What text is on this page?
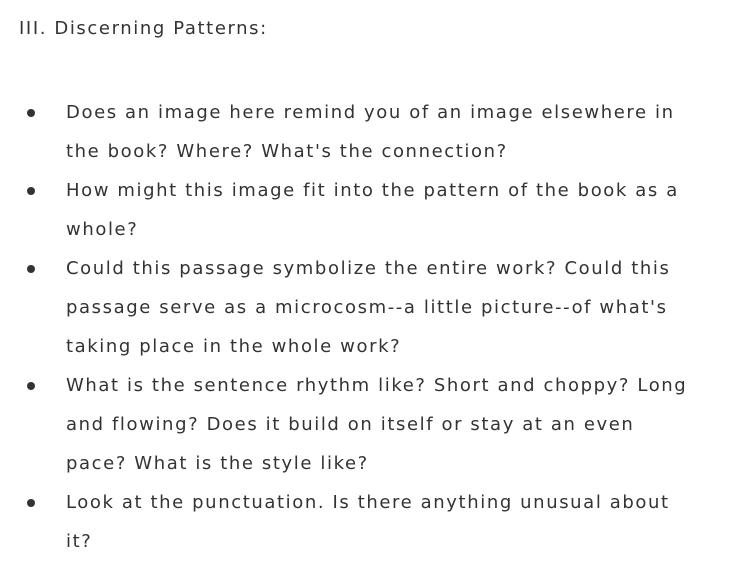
III. Discerning Patterns:
Does an image here remind you of an image elsewhere in
the book? Where? What's the connection?
How might this image fit into the pattern of the book as a
whole?
Could this passage symbolize the entire work? Could this
passage serve as a microcosm--a little picture--of what's
taking place in the whole work?
What is the sentence rhythm like? Short and choppy? Long
and flowing? Does it build on itself or stay at an even
pace? What is the style like?
Look at the punctuation. Is there anything unusual about
it?
